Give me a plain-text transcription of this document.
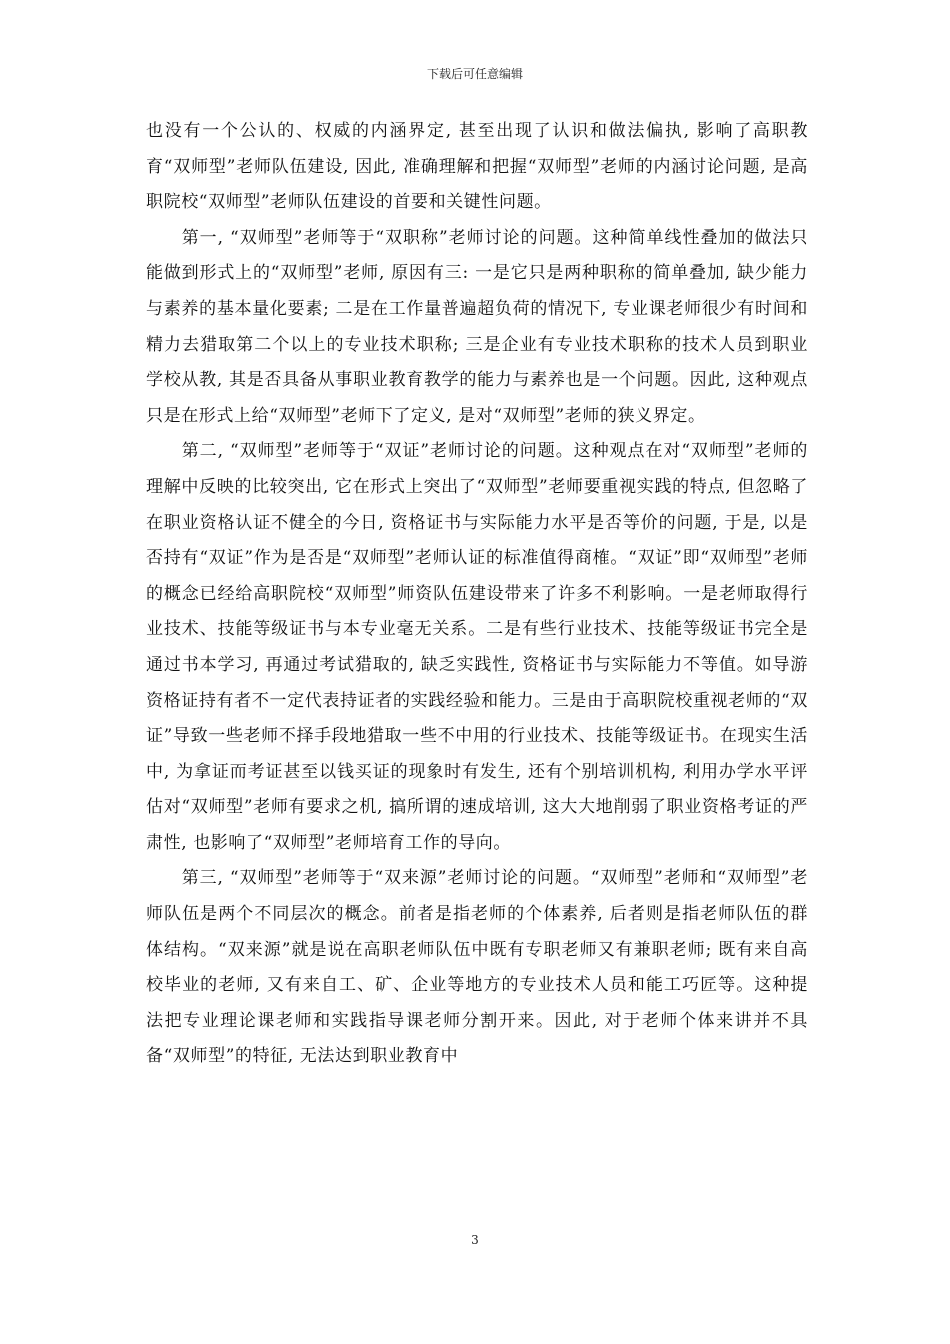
下载后可任意编辑

也没有一个公认的、权威的内涵界定, 甚至出现了认识和做法偏执, 影响了高职教育“双师型”老师队伍建设, 因此, 准确理解和把握“双师型”老师的内涵讨论问题, 是高职院校“双师型”老师队伍建设的首要和关键性问题。

第一, “双师型”老师等于“双职称”老师讨论的问题。这种简单线性叠加的做法只能做到形式上的“双师型”老师, 原因有三: 一是它只是两种职称的简单叠加, 缺少能力与素养的基本量化要素; 二是在工作量普遍超负荷的情况下, 专业课老师很少有时间和精力去猎取第二个以上的专业技术职称; 三是企业有专业技术职称的技术人员到职业学校从教, 其是否具备从事职业教育教学的能力与素养也是一个问题。因此, 这种观点只是在形式上给“双师型”老师下了定义, 是对“双师型”老师的狭义界定。

第二, “双师型”老师等于“双证”老师讨论的问题。这种观点在对“双师型”老师的理解中反映的比较突出, 它在形式上突出了“双师型”老师要重视实践的特点, 但忽略了在职业资格认证不健全的今日, 资格证书与实际能力水平是否等价的问题, 于是, 以是否持有“双证”作为是否是“双师型”老师认证的标准值得商榷。“双证”即“双师型”老师的概念已经给高职院校“双师型”师资队伍建设带来了许多不利影响。一是老师取得行业技术、技能等级证书与本专业毫无关系。二是有些行业技术、技能等级证书完全是通过书本学习, 再通过考试猎取的, 缺乏实践性, 资格证书与实际能力不等值。如导游资格证持有者不一定代表持证者的实践经验和能力。三是由于高职院校重视老师的“双证”导致一些老师不择手段地猎取一些不中用的行业技术、技能等级证书。在现实生活中, 为拿证而考证甚至以钱买证的现象时有发生, 还有个别培训机构, 利用办学水平评估对“双师型”老师有要求之机, 搞所谓的速成培训, 这大大地削弱了职业资格考证的严肃性, 也影响了“双师型”老师培育工作的导向。

第三, “双师型”老师等于“双来源”老师讨论的问题。“双师型”老师和“双师型”老师队伍是两个不同层次的概念。前者是指老师的个体素养, 后者则是指老师队伍的群体结构。“双来源”就是说在高职老师队伍中既有专职老师又有兼职老师; 既有来自高校毕业的老师, 又有来自工、矿、企业等地方的专业技术人员和能工巧匠等。这种提法把专业理论课老师和实践指导课老师分割开来。因此, 对于老师个体来讲并不具备“双师型”的特征, 无法达到职业教育中

3
